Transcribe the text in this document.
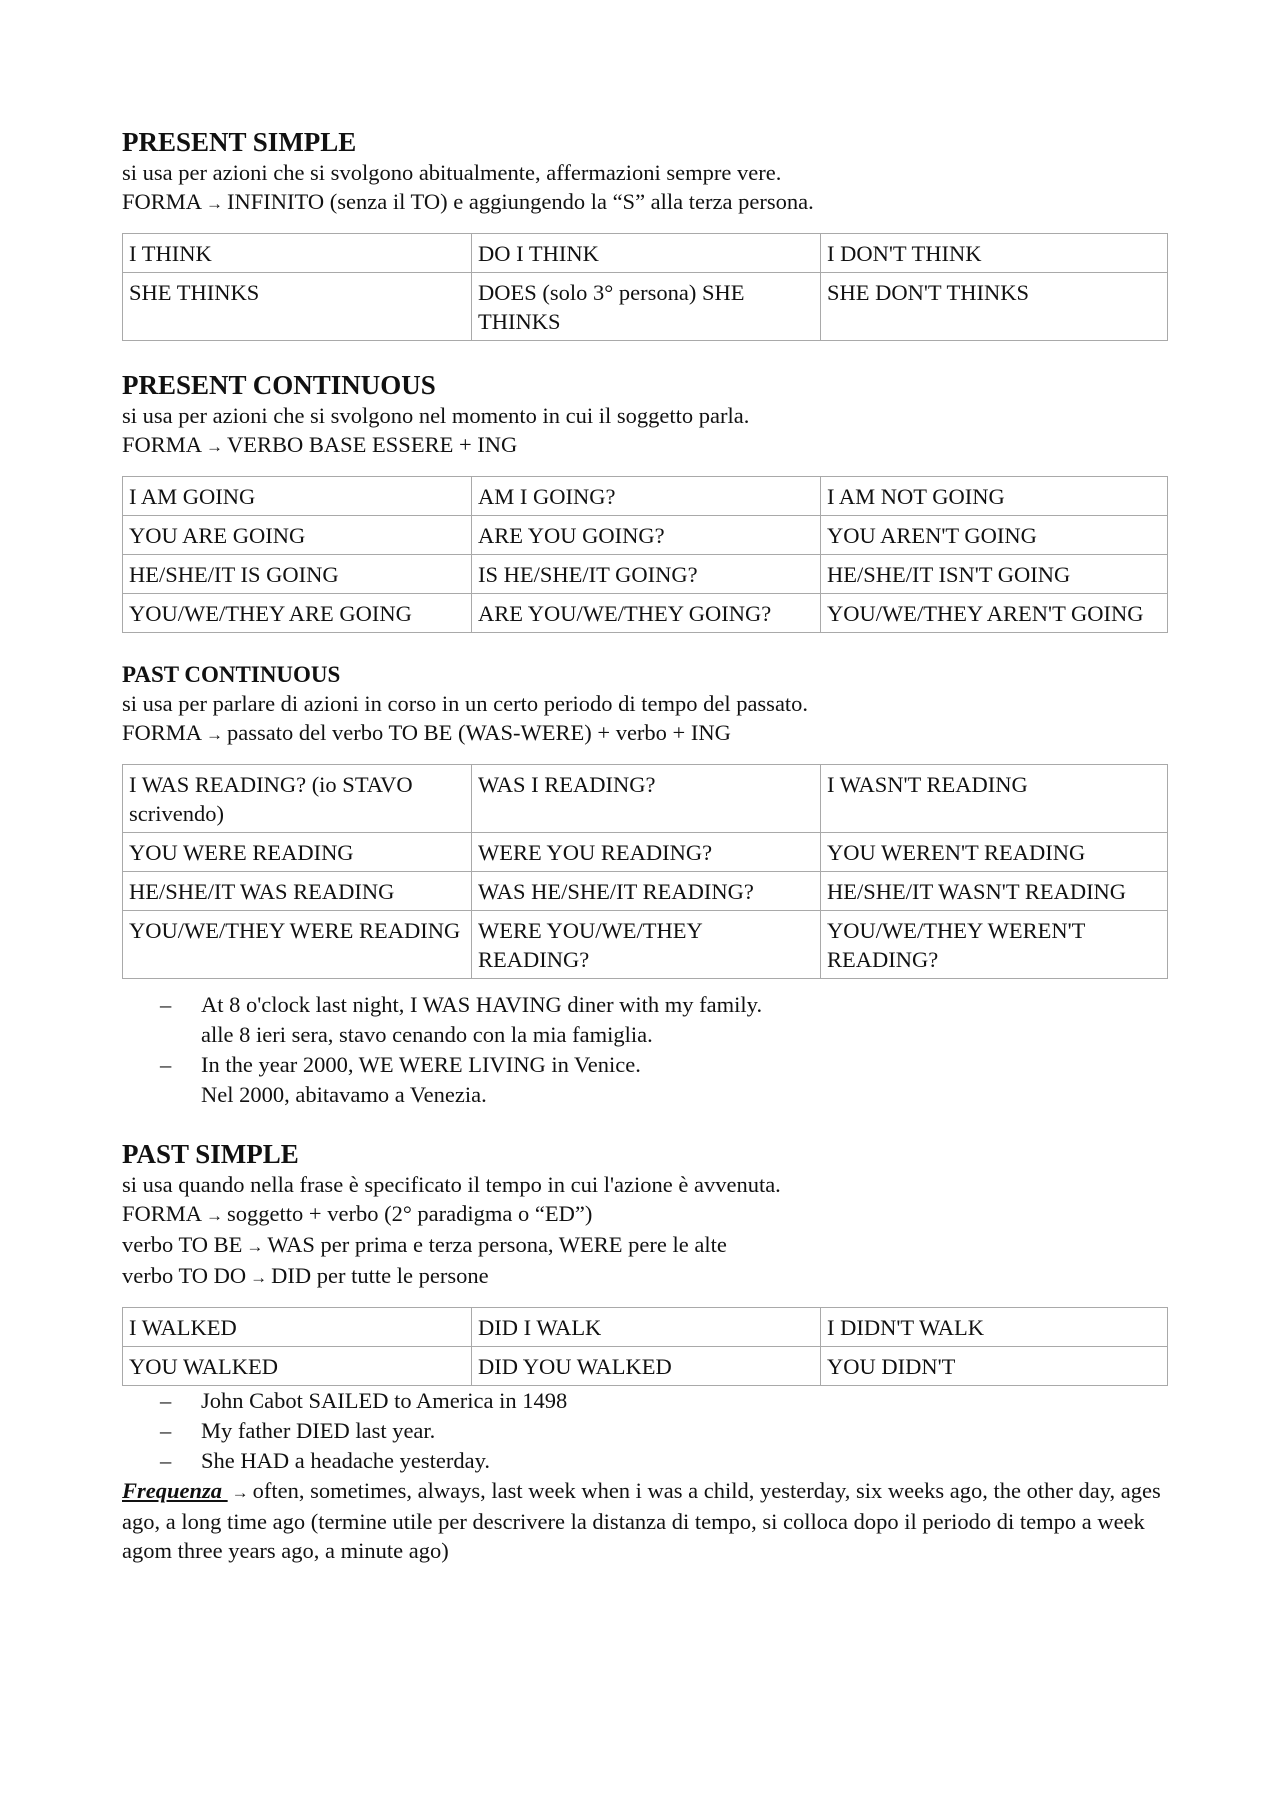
PRESENT SIMPLE

si usa per azioni che si svolgono abitualmente, affermazioni sempre vere.

FORMA → INFINITO (senza il TO) e aggiungendo la “S” alla terza persona.

I THINK	DO I THINK	I DON'T THINK
SHE THINKS	DOES (solo 3° persona) SHE THINKS	SHE DON'T THINKS
PRESENT CONTINUOUS

si usa per azioni che si svolgono nel momento in cui il soggetto parla.

FORMA → VERBO BASE ESSERE + ING

I AM GOING	AM I GOING?	I AM NOT GOING
YOU ARE GOING	ARE YOU GOING?	YOU AREN'T GOING
HE/SHE/IT IS GOING	IS HE/SHE/IT GOING?	HE/SHE/IT ISN'T GOING
YOU/WE/THEY ARE GOING	ARE YOU/WE/THEY GOING?	YOU/WE/THEY AREN'T GOING
PAST CONTINUOUS

si usa per parlare di azioni in corso in un certo periodo di tempo del passato.

FORMA → passato del verbo TO BE (WAS-WERE) + verbo + ING

I WAS READING? (io STAVO scrivendo)	WAS I READING?	I WASN'T READING
YOU WERE READING	WERE YOU READING?	YOU WEREN'T READING
HE/SHE/IT WAS READING	WAS HE/SHE/IT READING?	HE/SHE/IT WASN'T READING
YOU/WE/THEY WERE READING	WERE YOU/WE/THEY READING?	YOU/WE/THEY WEREN'T READING?
– At 8 o'clock last night, I WAS HAVING diner with my family.
alle 8 ieri sera, stavo cenando con la mia famiglia.
– In the year 2000, WE WERE LIVING in Venice.
Nel 2000, abitavamo a Venezia.
PAST SIMPLE

si usa quando nella frase è specificato il tempo in cui l'azione è avvenuta.

FORMA → soggetto + verbo (2° paradigma o “ED”)

verbo TO BE → WAS per prima e terza persona, WERE pere le alte

verbo TO DO → DID per tutte le persone

I WALKED	DID I WALK	I DIDN'T WALK
YOU WALKED	DID YOU WALKED	YOU DIDN'T
– John Cabot SAILED to America in 1498
– My father DIED last year.
– She HAD a headache yesterday.

Frequenza → often, sometimes, always, last week when i was a child, yesterday, six weeks ago, the other day, ages ago, a long time ago (termine utile per descrivere la distanza di tempo, si colloca dopo il periodo di tempo a week agom three years ago, a minute ago)
